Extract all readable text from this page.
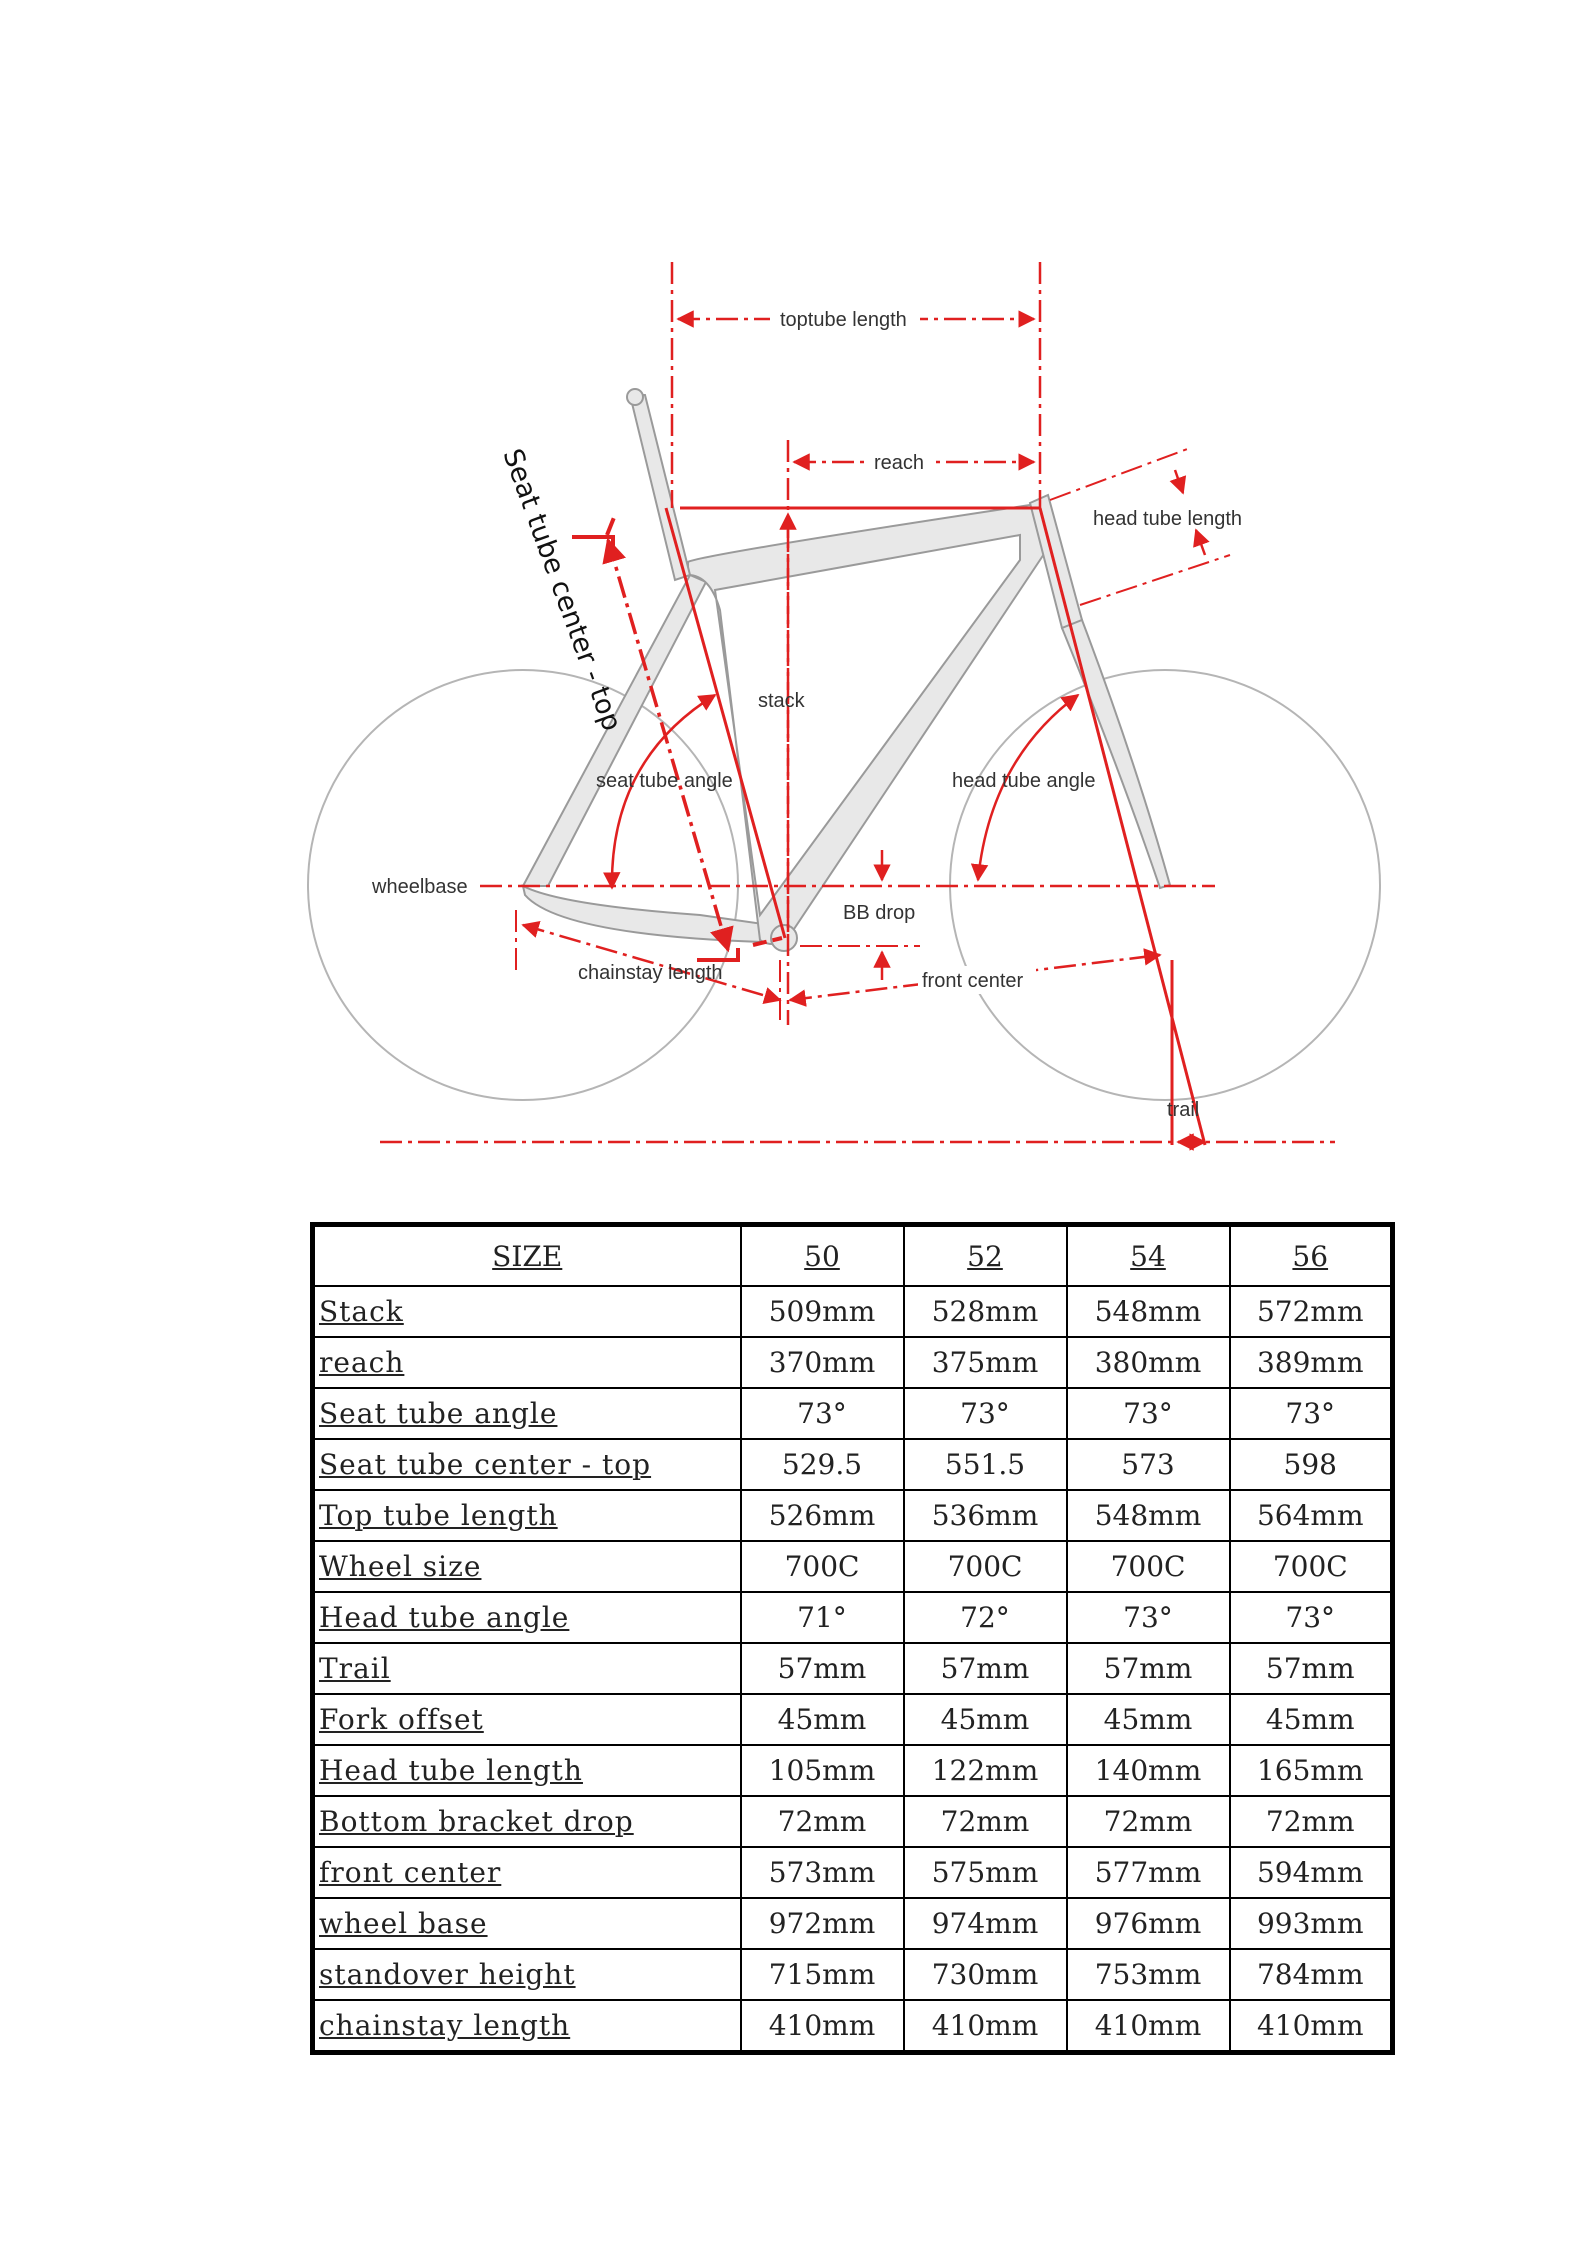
toptube length
reach
head tube length
stack
seat tube angle	head tube angle
wheelbase
BB drop
chainstay length	front center
trail
Seat tube center - top
SIZE	50	52	54	56
Stack	509mm	528mm	548mm	572mm
reach	370mm	375mm	380mm	389mm
Seat tube angle	73°	73°	73°	73°
Seat tube center - top	529.5	551.5	573	598
Top tube length	526mm	536mm	548mm	564mm
Wheel size	700C	700C	700C	700C
Head tube angle	71°	72°	73°	73°
Trail	57mm	57mm	57mm	57mm
Fork offset	45mm	45mm	45mm	45mm
Head tube length	105mm	122mm	140mm	165mm
Bottom bracket drop	72mm	72mm	72mm	72mm
front center	573mm	575mm	577mm	594mm
wheel base	972mm	974mm	976mm	993mm
standover height	715mm	730mm	753mm	784mm
chainstay length	410mm	410mm	410mm	410mm
